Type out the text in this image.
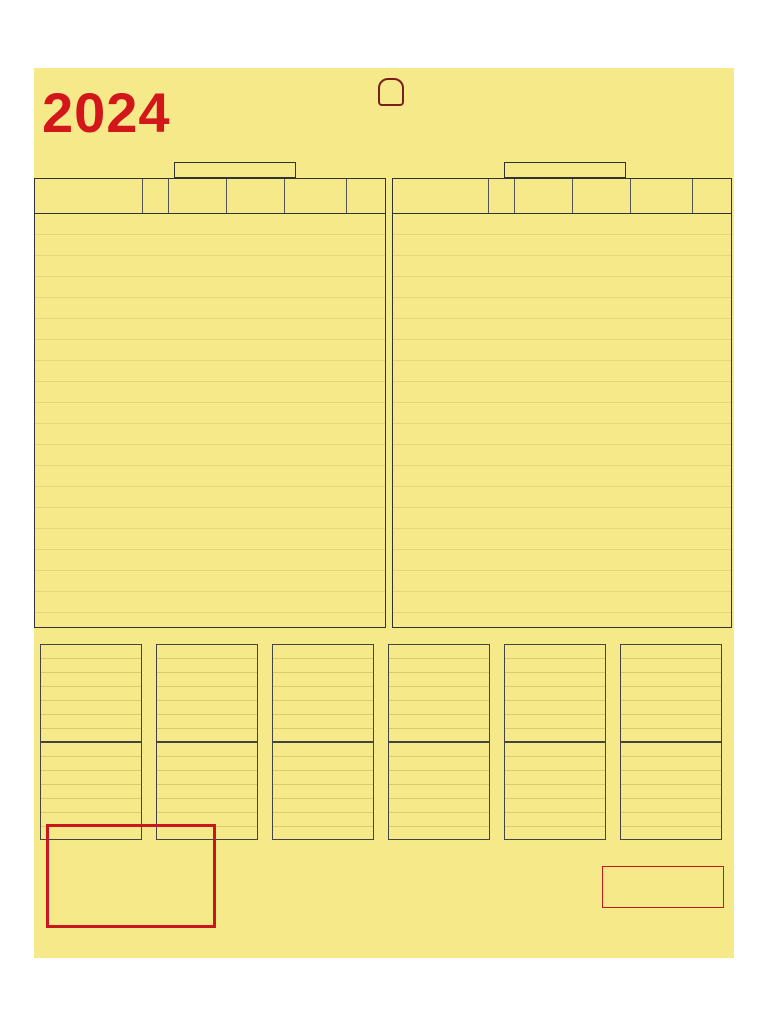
2024
